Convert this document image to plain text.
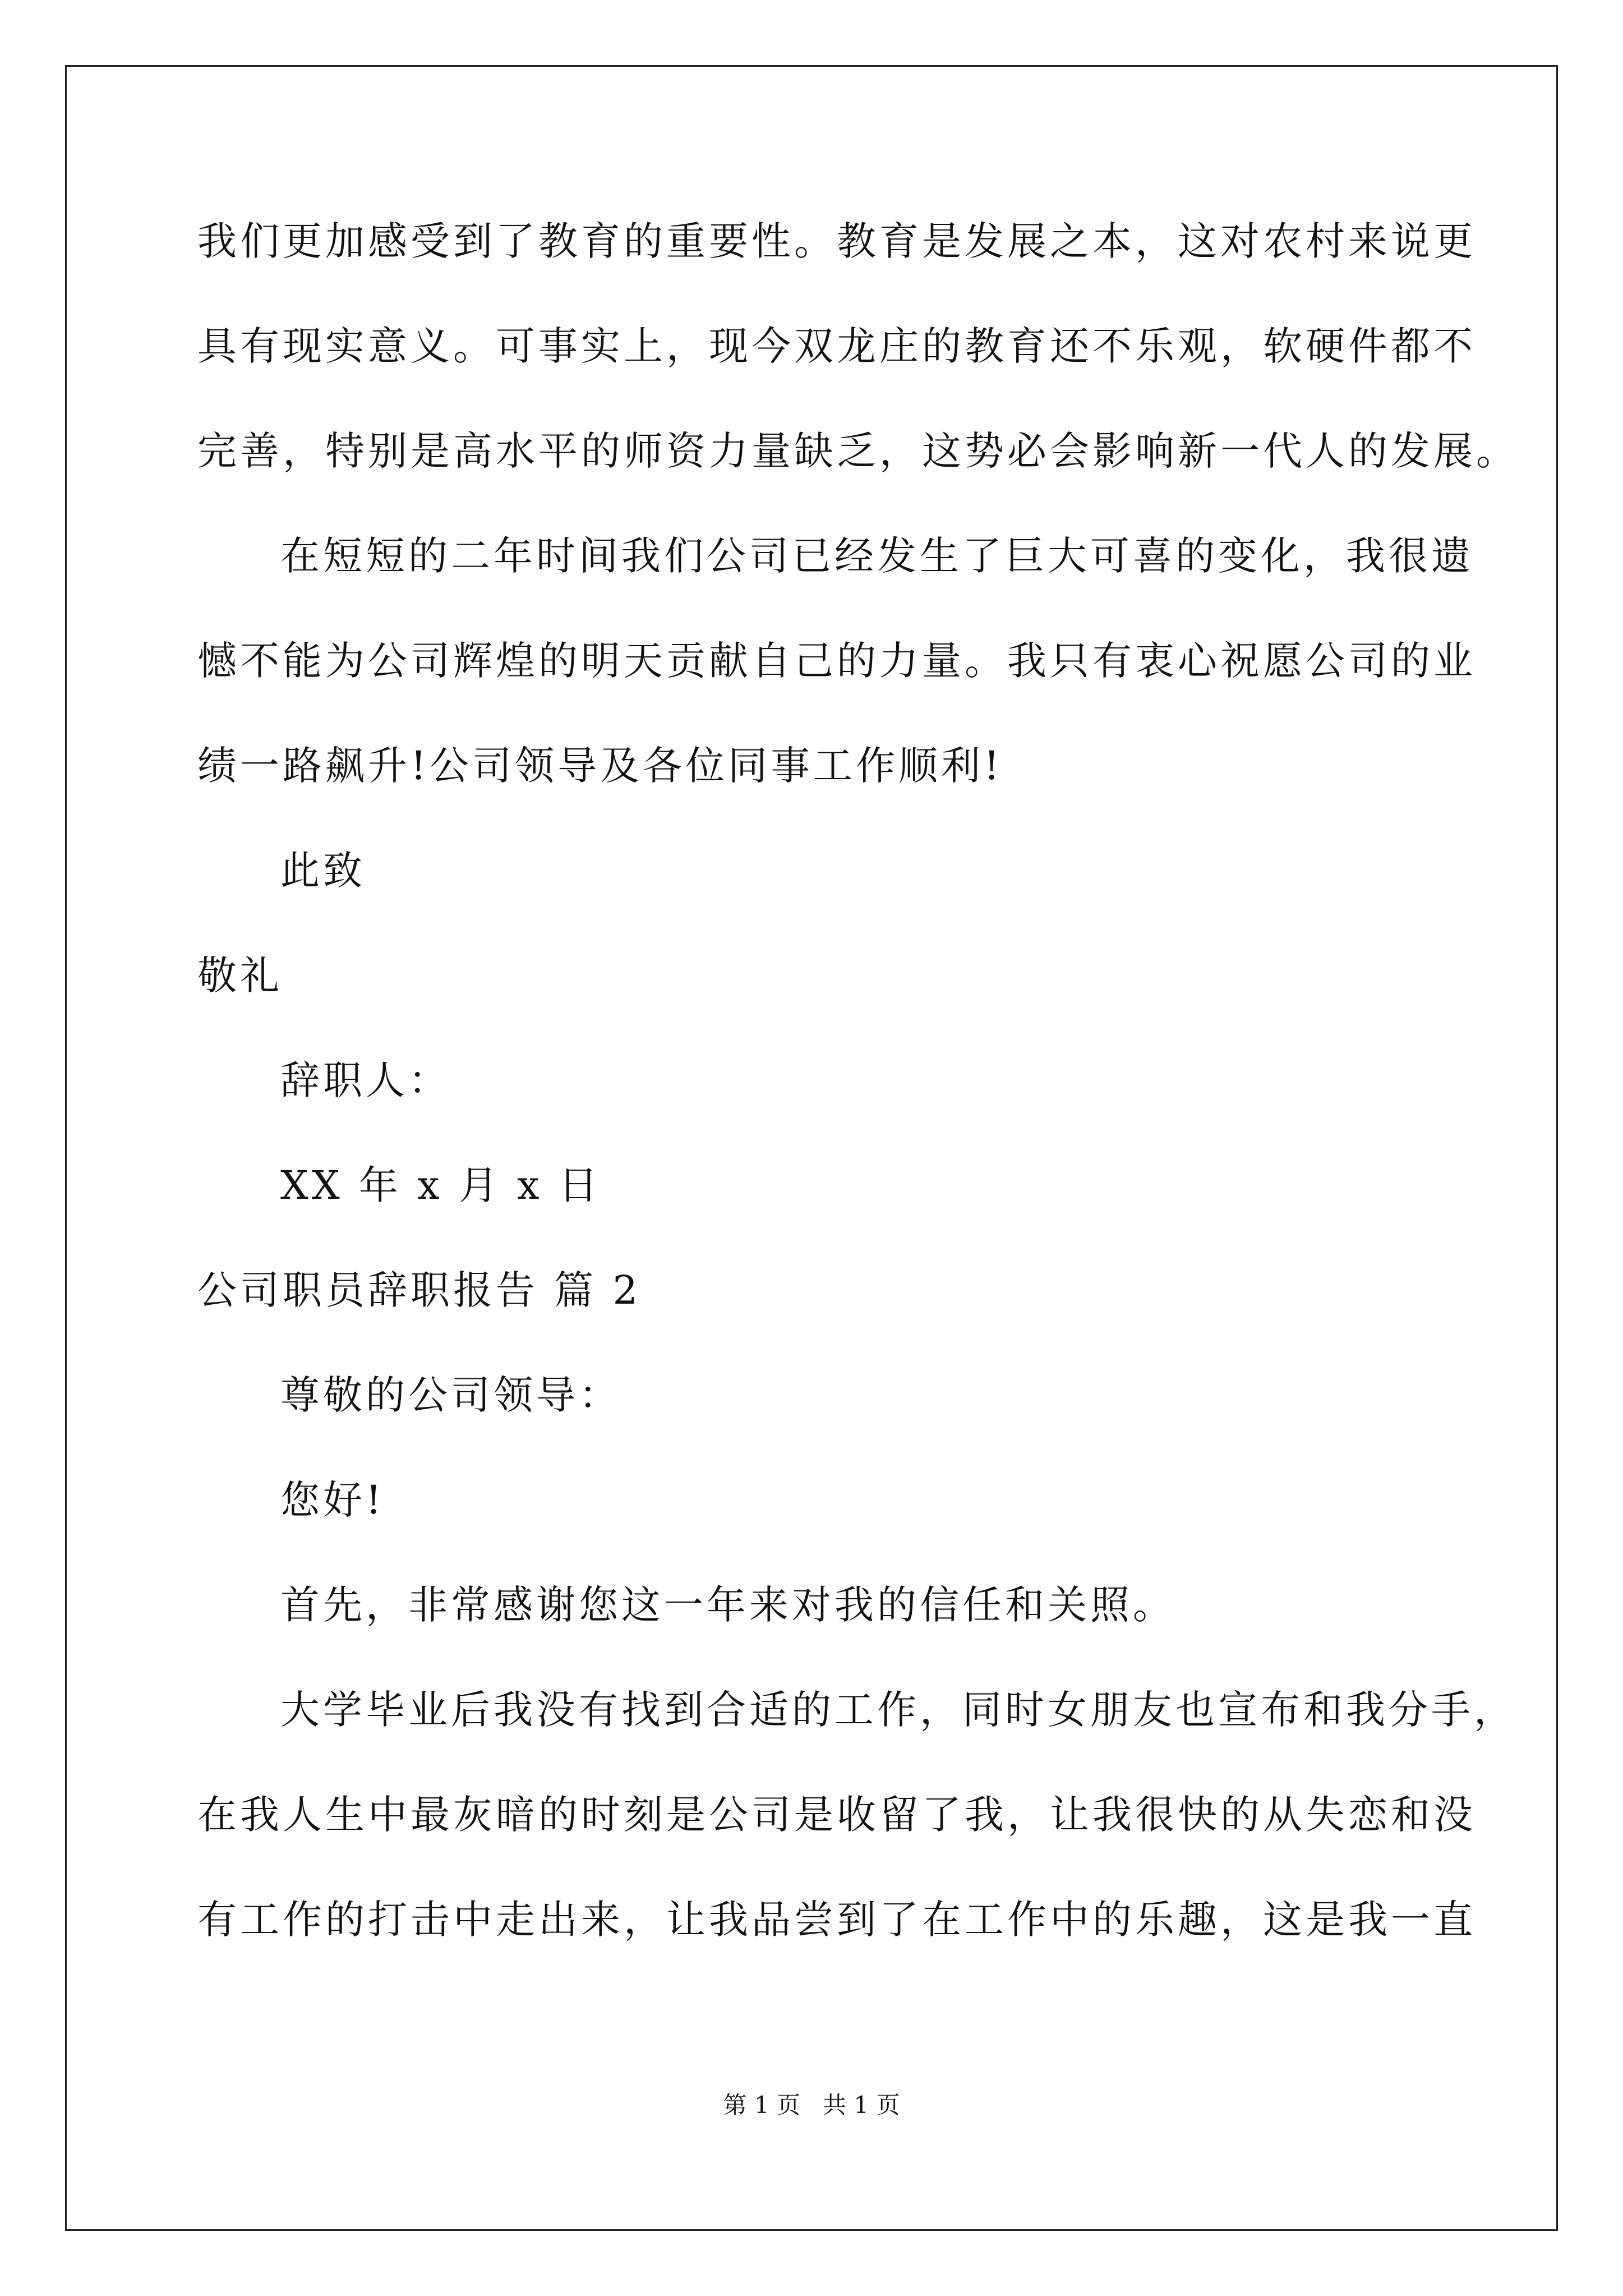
我们更加感受到了教育的重要性。教育是发展之本，这对农村来说更
具有现实意义。可事实上，现今双龙庄的教育还不乐观，软硬件都不
完善，特别是高水平的师资力量缺乏，这势必会影响新一代人的发展。
在短短的二年时间我们公司已经发生了巨大可喜的变化，我很遗
憾不能为公司辉煌的明天贡献自己的力量。我只有衷心祝愿公司的业
绩一路飙升!公司领导及各位同事工作顺利!
此致
敬礼
辞职人：
XX 年 x 月 x 日
公司职员辞职报告 篇 2
尊敬的公司领导：
您好!
首先，非常感谢您这一年来对我的信任和关照。
大学毕业后我没有找到合适的工作，同时女朋友也宣布和我分手，
在我人生中最灰暗的时刻是公司是收留了我，让我很快的从失恋和没
有工作的打击中走出来，让我品尝到了在工作中的乐趣，这是我一直
第 1 页   共 1 页
